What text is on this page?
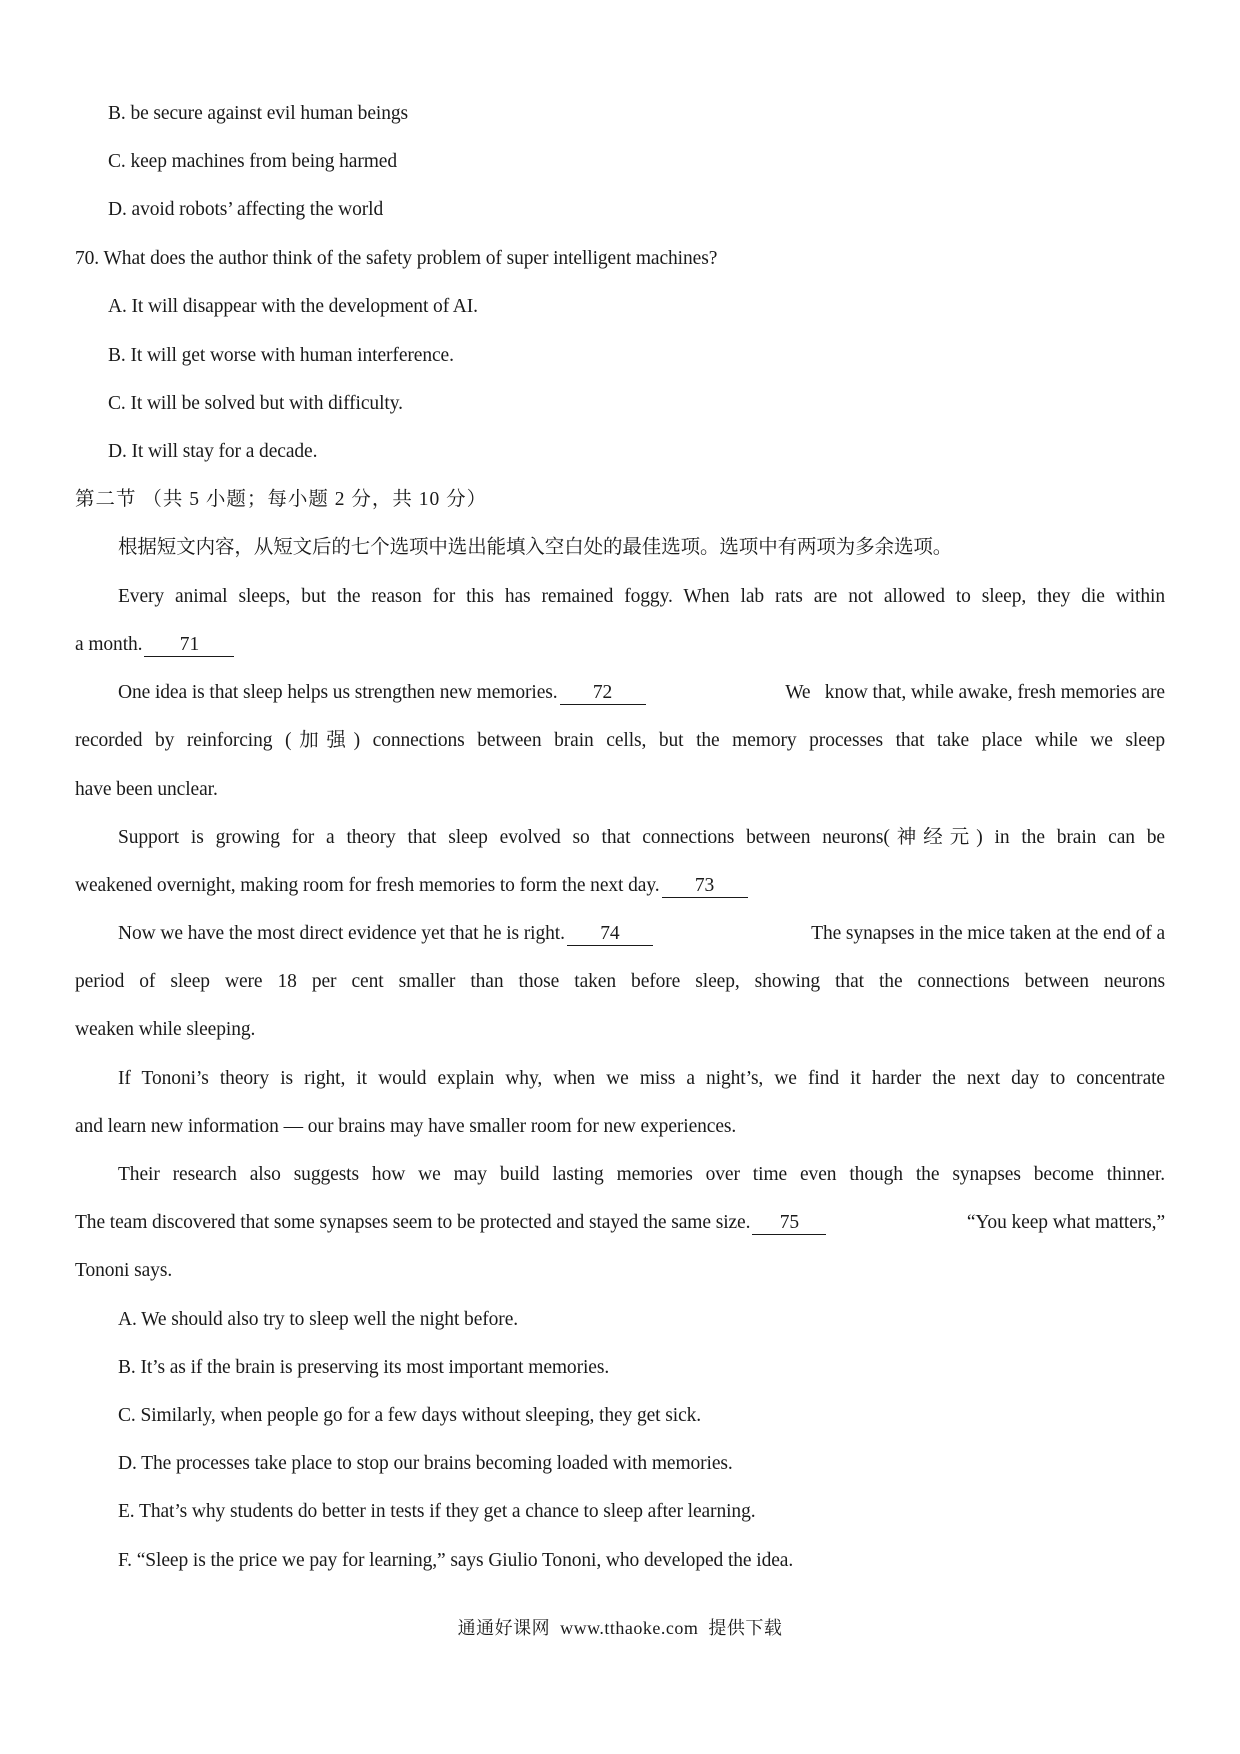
B. be secure against evil human beings
C. keep machines from being harmed
D. avoid robots’ affecting the world
70. What does the author think of the safety problem of super intelligent machines?
A. It will disappear with the development of AI.
B. It will get worse with human interference.
C. It will be solved but with difficulty.
D. It will stay for a decade.
第二节 （共 5 小题；每小题 2 分，共 10 分）
根据短文内容，从短文后的七个选项中选出能填入空白处的最佳选项。选项中有两项为多余选项。
Every animal sleeps, but the reason for this has remained foggy. When lab rats are not allowed to sleep, they die within
a month. 71
One idea is that sleep helps us strengthen new memories. 72	We   know that, while awake, fresh memories are
recorded by reinforcing (加强) connections between brain cells, but the memory processes that take place while we sleep
have been unclear.
Support is growing for a theory that sleep evolved so that connections between neurons(神经元) in the brain can be
weakened overnight, making room for fresh memories to form the next day. 73
Now we have the most direct evidence yet that he is right. 74	The synapses in the mice taken at the end of a
period of sleep were 18 per cent smaller than those taken before sleep, showing that the connections between neurons
weaken while sleeping.
If Tononi’s theory is right, it would explain why, when we miss a night’s, we find it harder the next day to concentrate
and learn new information — our brains may have smaller room for new experiences.
Their research also suggests how we may build lasting memories over time even though the synapses become thinner.
The team discovered that some synapses seem to be protected and stayed the same size. 75	“You keep what matters,”
Tononi says.
A. We should also try to sleep well the night before.
B. It’s as if the brain is preserving its most important memories.
C. Similarly, when people go for a few days without sleeping, they get sick.
D. The processes take place to stop our brains becoming loaded with memories.
E. That’s why students do better in tests if they get a chance to sleep after learning.
F. “Sleep is the price we pay for learning,” says Giulio Tononi, who developed the idea.
通通好课网  www.tthaoke.com  提供下载
